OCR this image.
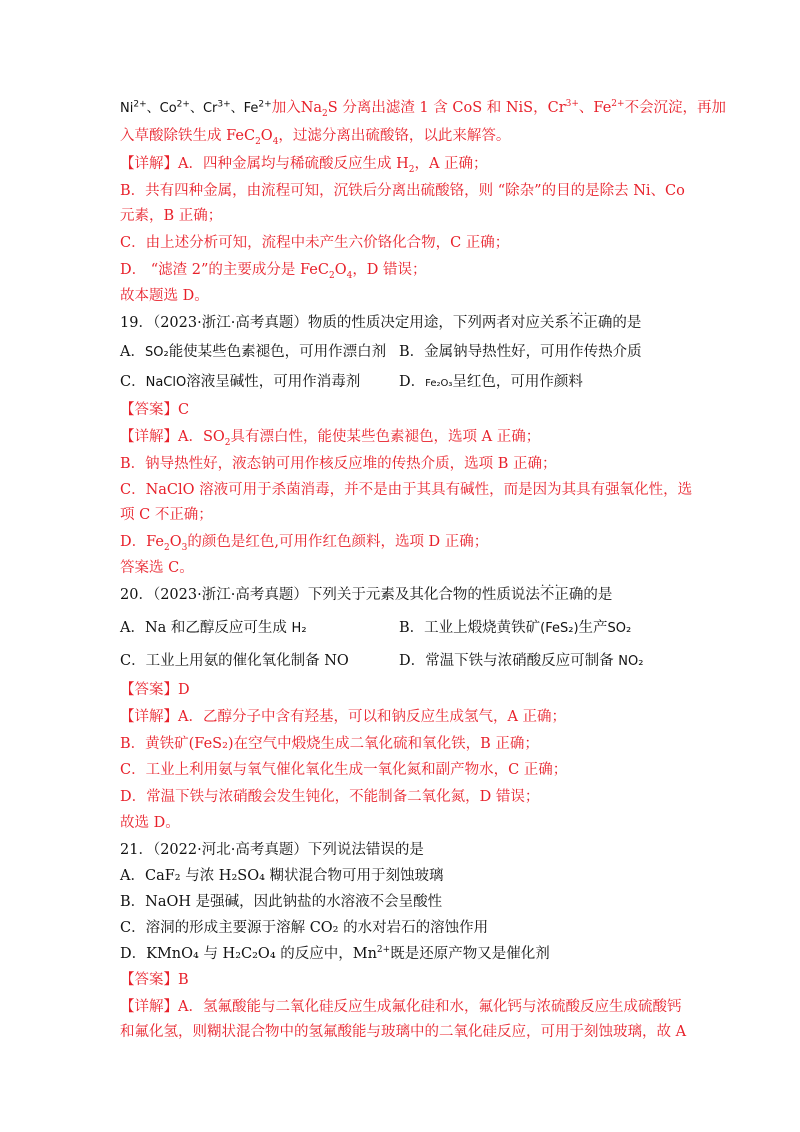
$Ni^{2+}$、$Co^{2+}$、$Cr^{3+}$、$Fe^{2+}$加入$Na_2S$ 分离出滤渣 1 含 CoS 和 NiS，$Cr^{3+}$、$Fe^{2+}$不会沉淀，再加
入草酸除铁生成 $FeC_2O_4$，过滤分离出硫酸铬，以此来解答。
【详解】A．四种金属均与稀硫酸反应生成 $H_2$，A 正确；
B．共有四种金属，由流程可知，沉铁后分离出硫酸铬，则 “除杂”的目的是除去 Ni、Co
元素，B 正确；
C．由上述分析可知，流程中未产生六价铬化合物，C 正确；
D． “滤渣 2”的主要成分是 $FeC_2O_4$，D 错误；
故本题选 D。
19．（2023·浙江·高考真题）物质的性质决定用途，下列两者对应关系· · · 不正确的是
A．SO₂能使某些色素褪色，可用作漂白剂 B．金属钠导热性好，可用作传热介质
C．NaClO溶液呈碱性，可用作消毒剂	D．Fe₂O₃呈红色，可用作颜料
【答案】C
【详解】A．$SO_2$具有漂白性，能使某些色素褪色，选项 A 正确；
B．钠导热性好，液态钠可用作核反应堆的传热介质，选项 B 正确；
C．NaClO 溶液可用于杀菌消毒，并不是由于其具有碱性，而是因为其具有强氧化性，选
项 C 不正确；
D．$Fe_2O_3$的颜色是红色,可用作红色颜料，选项 D 正确；
答案选 C。
20．（2023·浙江·高考真题）下列关于元素及其化合物的性质说法· · · 不正确的是
A．Na 和乙醇反应可生成 H₂	B．工业上煅烧黄铁矿(FeS₂)生产SO₂
C．工业上用氨的催化氧化制备 NO	D．常温下铁与浓硝酸反应可制备 NO₂
【答案】D
【详解】A．乙醇分子中含有羟基，可以和钠反应生成氢气，A 正确；
B．黄铁矿(FeS₂)在空气中煅烧生成二氧化硫和氧化铁，B 正确；
C．工业上利用氨与氧气催化氧化生成一氧化氮和副产物水，C 正确；
D．常温下铁与浓硝酸会发生钝化，不能制备二氧化氮，D 错误；
故选 D。
21．（2022·河北·高考真题）下列说法错误的是
A．CaF₂ 与浓 H₂SO₄ 糊状混合物可用于刻蚀玻璃
B．NaOH 是强碱，因此钠盐的水溶液不会呈酸性
C．溶洞的形成主要源于溶解 CO₂ 的水对岩石的溶蚀作用
D．KMnO₄ 与 H₂C₂O₄ 的反应中，$Mn^{2+}$既是还原产物又是催化剂
【答案】B
【详解】A．氢氟酸能与二氧化硅反应生成氟化硅和水，氟化钙与浓硫酸反应生成硫酸钙
和氟化氢，则糊状混合物中的氢氟酸能与玻璃中的二氧化硅反应，可用于刻蚀玻璃，故 A
